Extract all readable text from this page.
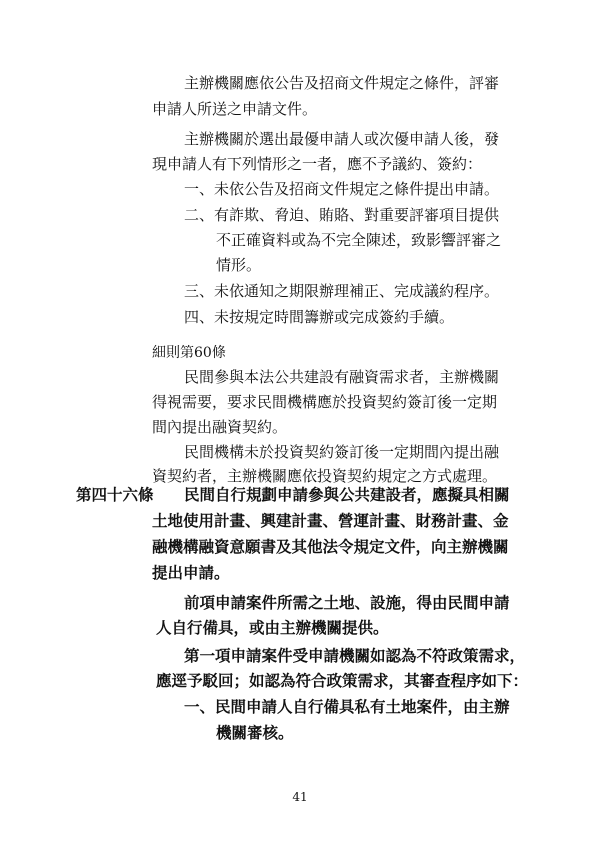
主辦機關應依公告及招商文件規定之條件，評審
申請人所送之申請文件。
主辦機關於選出最優申請人或次優申請人後，發
現申請人有下列情形之一者，應不予議約、簽約：
一、未依公告及招商文件規定之條件提出申請。
二、有詐欺、脅迫、賄賂、對重要評審項目提供
不正確資料或為不完全陳述，致影響評審之
情形。
三、未依通知之期限辦理補正、完成議約程序。
四、未按規定時間籌辦或完成簽約手續。
細則第60條
民間參與本法公共建設有融資需求者，主辦機關
得視需要，要求民間機構應於投資契約簽訂後一定期
間內提出融資契約。
民間機構未於投資契約簽訂後一定期間內提出融
資契約者，主辦機關應依投資契約規定之方式處理。
第四十六條 民間自行規劃申請參與公共建設者，應擬具相關
土地使用計畫、興建計畫、營運計畫、財務計畫、金
融機構融資意願書及其他法令規定文件，向主辦機關
提出申請。
前項申請案件所需之土地、設施，得由民間申請
人自行備具，或由主辦機關提供。
第一項申請案件受申請機關如認為不符政策需求，
應逕予駁回；如認為符合政策需求，其審查程序如下：
一、民間申請人自行備具私有土地案件，由主辦
機關審核。
41
